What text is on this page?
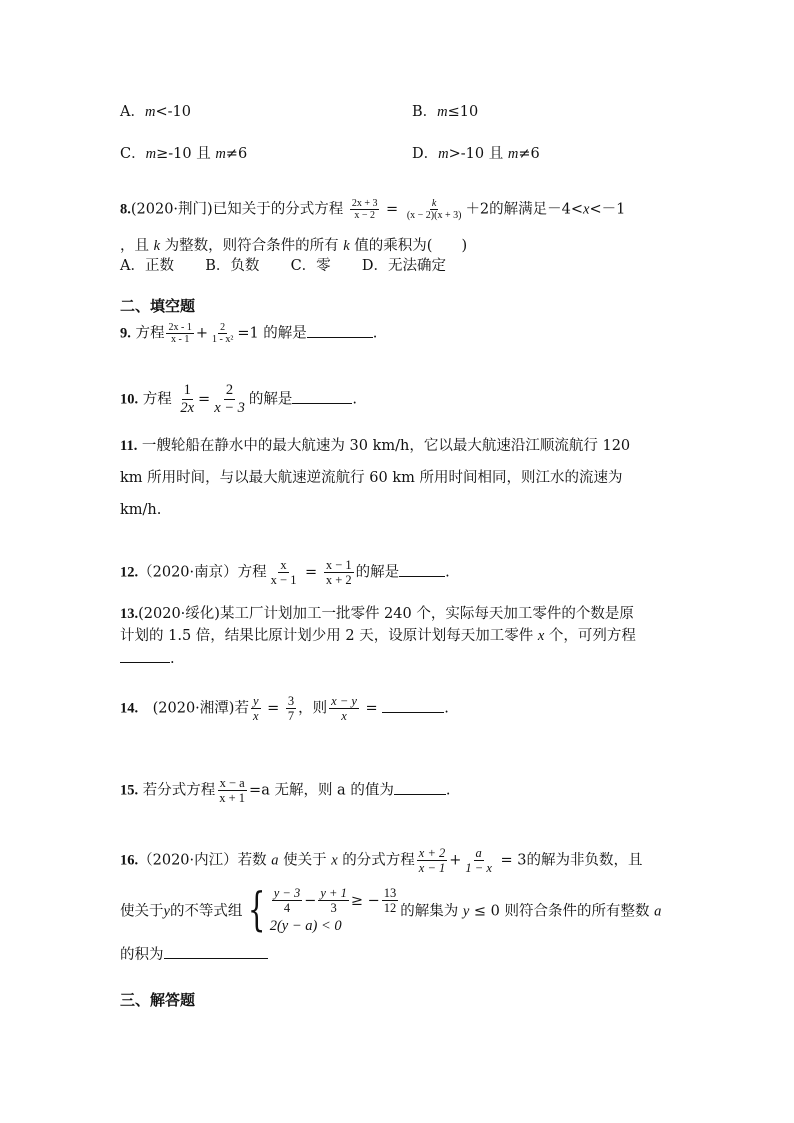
A．m<-10	B．m≤10
C．m≥-10 且 m≠6	D．m>-10 且 m≠6
8.(2020·荆门)已知关于的分式方程 $\frac{2x + 3}{x - 2} = \frac{k}{(x - 2)(x + 3)} +2$的解满足－4<x<－1
，且 k 为整数，则符合条件的所有 k 值的乘积为(　　)
A．正数 B．负数 C．零 D．无法确定
二、填空题
9. 方程 $\frac{2x - 1}{x - 1} + \frac{2}{\text{1 - x²}} =1$ 的解是	.
10. 方程 $\frac{1}{2x} = \frac{2}{x - 3}$ 的解是	.
11. 一艘轮船在静水中的最大航速为 30 km/h，它以最大航速沿江顺流航行 120
km 所用时间，与以最大航速逆流航行 60 km 所用时间相同，则江水的流速为
km/h.
12.（2020·南京）方程 $\frac{x}{x - 1} = \frac{x - 1}{x + 2}$ 的解是	.
13.(2020·绥化)某工厂计划加工一批零件 240 个，实际每天加工零件的个数是原
计划的 1.5 倍，结果比原计划少用 2 天，设原计划每天加工零件 x 个，可列方程
.
14.　(2020·湘潭)若 $\frac{y}{x} = \frac{3}{7}$ ，则 $\frac{x - y}{x}$ =	.
15. 若分式方程 $\frac{x - a}{x + 1} =a$ 无解，则 a 的值为	.
16.（2020·内江）若数 a 使关于 x 的分式方程 $\frac{x + 2}{x - 1} + \frac{a}{1 - x} = 3$的解为非负数，且
使关于y的不等式组 { $\frac{y - 3}{4} - \frac{y + 1}{3}$ ≥ − $\frac{13}{12}$
2(y − a) < 0
的解集为 y ≤ 0 则符合条件的所有整数 a
的积为
三、解答题
